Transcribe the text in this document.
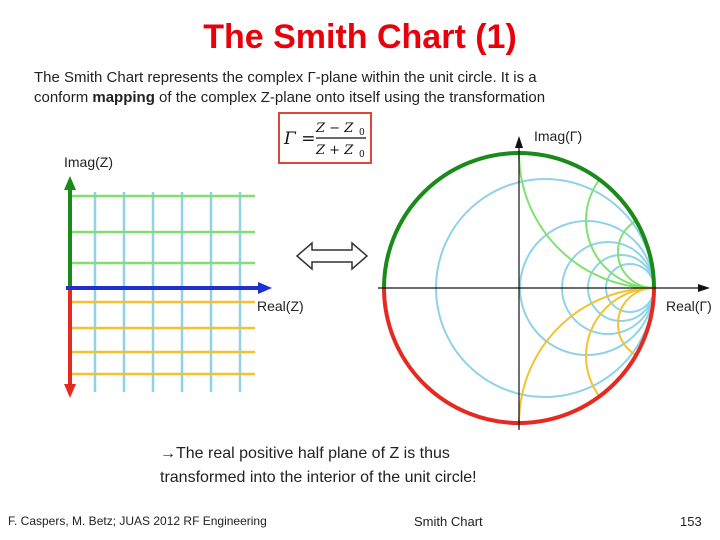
The Smith Chart (1)
The Smith Chart represents the complex Γ-plane within the unit circle. It is a
conform mapping of the complex Z-plane onto itself using the transformation
Γ =
Z − Z 0
Z + Z 0
Imag(Γ)
Imag(Z)
Real(Z)	Real(Γ)
→The real positive half plane of Z is thus
transformed into the interior of the unit circle!
F. Caspers, M. Betz; JUAS 2012 RF Engineering	Smith Chart	153
